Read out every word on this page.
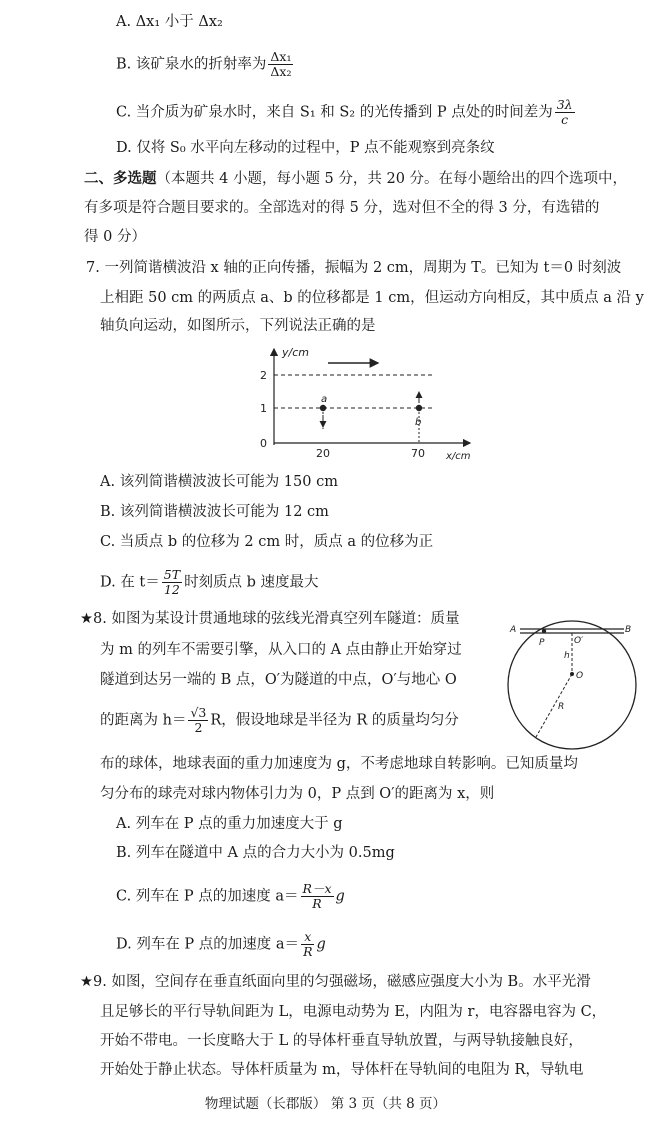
A. Δx₁ 小于 Δx₂
B. 该矿泉水的折射率为 $\frac{\text{Δx₁}}{\text{Δx₂}}$
C. 当介质为矿泉水时，来自 S₁ 和 S₂ 的光传播到 P 点处的时间差为 $\frac{3\lambda}{c}$
D. 仅将 S₀ 水平向左移动的过程中，P 点不能观察到亮条纹
二、多选题（本题共 4 小题，每小题 5 分，共 20 分。在每小题给出的四个选项中，
有多项是符合题目要求的。全部选对的得 5 分，选对但不全的得 3 分，有选错的
得 0 分）
7. 一列简谐横波沿 x 轴的正向传播，振幅为 2 cm，周期为 T。已知为 t＝0 时刻波
上相距 50 cm 的两质点 a、b 的位移都是 1 cm，但运动方向相反，其中质点 a 沿 y
轴负向运动，如图所示，下列说法正确的是
y/cm
x/cm
2
1
0
a
20
b
70
A. 该列简谐横波波长可能为 150 cm
B. 该列简谐横波波长可能为 12 cm
C. 当质点 b 的位移为 2 cm 时，质点 a 的位移为正
D. 在 $t= \frac{5T}{12}$ 时刻质点 b 速度最大
★8. 如图为某设计贯通地球的弦线光滑真空列车隧道：质量
为 m 的列车不需要引擎，从入口的 A 点由静止开始穿过
隧道到达另一端的 B 点，O′为隧道的中点，O′与地心 O
的距离为 $h= \frac{√3}{2}$ R，假设地球是半径为 R 的质量均匀分
布的球体，地球表面的重力加速度为 g，不考虑地球自转影响。已知质量均
匀分布的球壳对球内物体引力为 0，P 点到 O′的距离为 x，则
A	B
P	O′
h
O
R
A. 列车在 P 点的重力加速度大于 g
B. 列车在隧道中 A 点的合力大小为 0.5mg
C. 列车在 P 点的加速度 $a= \frac{R-x}{R}$ g
D. 列车在 P 点的加速度 $a= \frac{x}{R}$ g
★9. 如图，空间存在垂直纸面向里的匀强磁场，磁感应强度大小为 B。水平光滑
且足够长的平行导轨间距为 L，电源电动势为 E，内阻为 r，电容器电容为 C，
开始不带电。一长度略大于 L 的导体杆垂直导轨放置，与两导轨接触良好，
开始处于静止状态。导体杆质量为 m，导体杆在导轨间的电阻为 R，导轨电
物理试题（长郡版） 第 3 页（共 8 页）
